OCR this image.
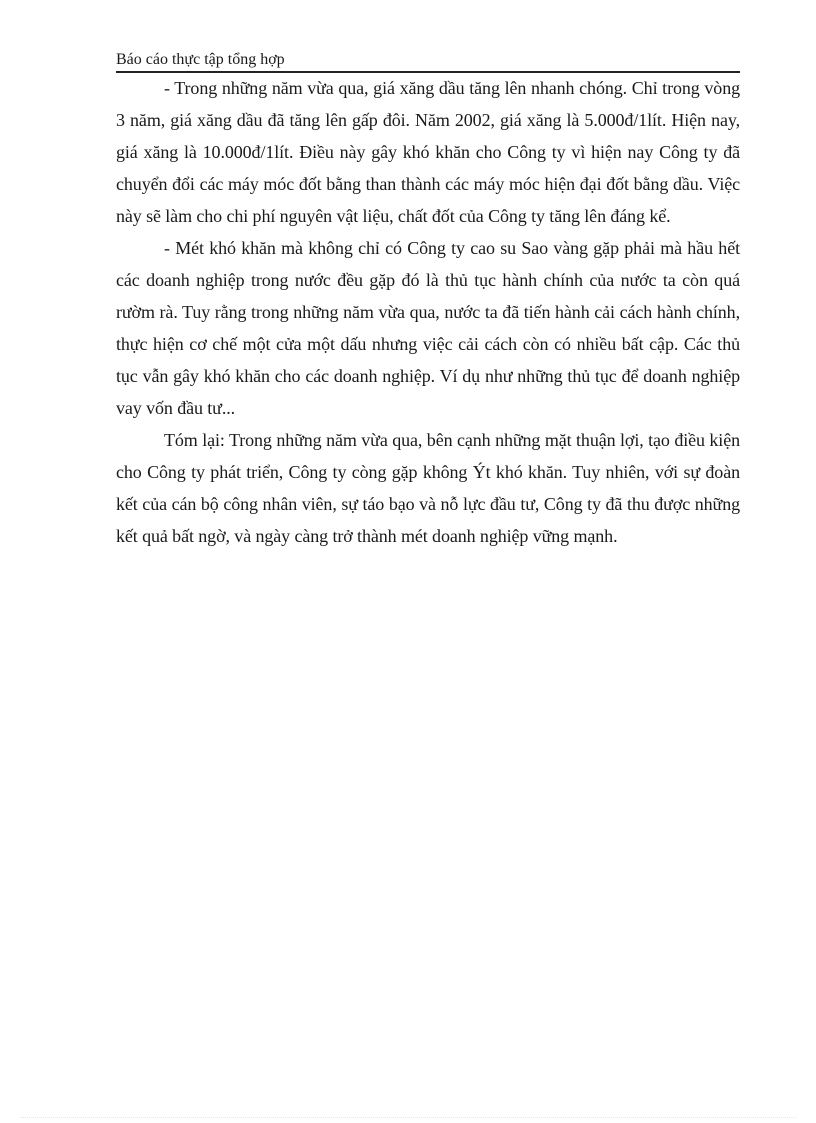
Báo cáo thực tập tổng hợp

- Trong những năm vừa qua, giá xăng dầu tăng lên nhanh chóng. Chỉ trong vòng 3 năm, giá xăng dầu đã tăng lên gấp đôi. Năm 2002, giá xăng là 5.000đ/1lít. Hiện nay, giá xăng là 10.000đ/1lít. Điều này gây khó khăn cho Công ty vì hiện nay Công ty đã chuyển đổi các máy móc đốt bằng than thành các máy móc hiện đại đốt bằng dầu. Việc này sẽ làm cho chi phí nguyên vật liệu, chất đốt của Công ty tăng lên đáng kể.

- Mét khó khăn mà không chỉ có Công ty cao su Sao vàng gặp phải mà hầu hết các doanh nghiệp trong nước đều gặp đó là thủ tục hành chính của nước ta còn quá rườm rà. Tuy rằng trong những năm vừa qua, nước ta đã tiến hành cải cách hành chính, thực hiện cơ chế một cửa một dấu nhưng việc cải cách còn có nhiều bất cập. Các thủ tục vẫn gây khó khăn cho các doanh nghiệp. Ví dụ như những thủ tục để doanh nghiệp vay vốn đầu tư...

Tóm lại: Trong những năm vừa qua, bên cạnh những mặt thuận lợi, tạo điều kiện cho Công ty phát triển, Công ty còng gặp không Ýt khó khăn. Tuy nhiên, với sự đoàn kết của cán bộ công nhân viên, sự táo bạo và nỗ lực đầu tư, Công ty đã thu được những kết quả bất ngờ, và ngày càng trở thành mét doanh nghiệp vững mạnh.
